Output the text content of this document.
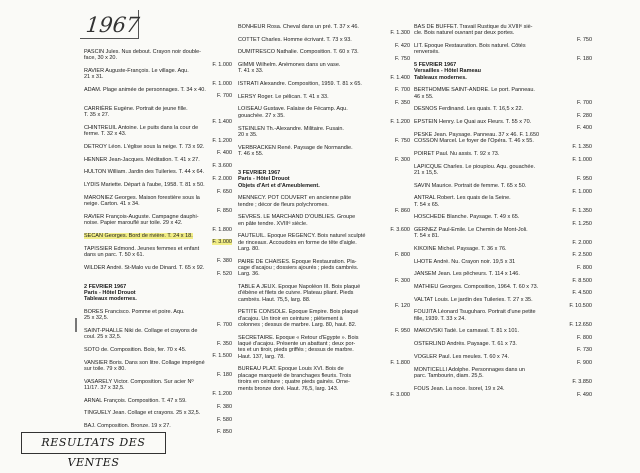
1967
PASCIN Jules. Nus debout. Crayon noir double-
face, 30 x 20.
F. 1.000
RAVIER Auguste-François. Le village. Aqu.
21 x 31.
F. 1.000
ADAM. Plage animée de personnages. T. 34 x 40.
F. 700
CARRIÈRE Eugène. Portrait de jeune fille.
T. 35 x 27.
F. 1.400
CHINTREUIL Antoine. Le puits dans la cour de
ferme. T. 32 x 43.
F. 1.200
DETROY Léon. L'église sous la neige. T. 73 x 92.
F. 400
HENNER Jean-Jacques. Méditation. T. 41 x 27.
F. 3.600
HULTON William. Jardin des Tuileries. T. 44 x 64.
F. 2.000
LYDIS Mariette. Départ à l'aube, 1958. T. 81 x 50.
F. 650
MARONIEZ Georges. Maison forestière sous la
neige. Carton. 41 x 34.
F. 850
RAVIER François-Auguste. Campagne dauphi-
noise. Papier marouflé sur toile. 29 x 42.
F. 1.800
SECAN Georges. Bord de rivière. T. 24 x 18.
F. 3.000
TAPISSIER Edmond. Jeunes femmes et enfant
dans un parc. T. 50 x 61.
F. 380
WILDER André. St-Malo vu de Dinard. T. 65 x 92.
F. 520
2 FEVRIER 1967
Paris - Hôtel Drouot
Tableaux modernes.
BORES Francisco. Pomme et poire. Aqu.
25 x 32,5.
F. 700
SAINT-PHALLE Niki de. Collage et crayons de
coul. 25 x 32,5.
F. 350
SOTO de. Composition. Bois, fer. 70 x 45.
F. 1.500
VANSIER Boris. Dans son litre. Collage imprégné
sur toile. 79 x 80.
F. 180
VASARELY Victor. Composition. Sur acier Nº
11/17. 37 x 32,5.
F. 1.200
ARNAL François. Composition. T. 47 x 59.
F. 380
TINGUELY Jean. Collage et crayons. 25 x 32,5.
F. 580
BAJ. Composition. Bronze. 19 x 27.
F. 850
BONHEUR Rosa. Cheval dans un pré. T. 37 x 46.
F. 1.300
COTTET Charles. Homme écrivant. T. 73 x 93.
F. 420
DUMITRESCO Nathalie. Composition. T. 60 x 73.
F. 750
GIMMI Wilhelm. Anémones dans un vase.
T. 41 x 33.
F. 1.400
ISTRATI Alexandre. Composition, 1959. T. 81 x 65.
F. 700
LERSY Roger. Le pélican. T. 41 x 33.
F. 350
LOISEAU Gustave. Falaise de Fécamp. Aqu.
gouachée. 27 x 35.
F. 1.200
STEINLEN Th.-Alexandre. Militaire. Fusain.
20 x 35.
F. 750
VERBRACKEN René. Paysage de Normandie.
T. 46 x 55.
F. 300
3 FEVRIER 1967
Paris - Hôtel Drouot
Objets d'Art et d'Ameublement.
MENNECY. POT COUVERT en ancienne pâte
tendre ; décor de fleurs polychromes.
F. 860
SEVRES. LE MARCHAND D'OUBLIES. Groupe
en pâte tendre. XVIIIᵉ siècle.
F. 3.600
FAUTEUIL. Epoque REGENCY. Bois naturel sculpté
de rinceaux. Accoudoirs en forme de tête d'aigle.
Larg. 80.
F. 800
PAIRE DE CHAISES. Epoque Restauration. Pla-
cage d'acajou ; dossiers ajourés ; pieds cambrés.
Larg. 36.
F. 300
TABLE A JEUX. Epoque Napoléon III. Bois plaqué
d'ébène et filets de cuivre. Plateau pliant. Pieds
cambrés. Haut. 75,5, larg. 88.
F. 120
PETITE CONSOLE. Epoque Empire. Bois plaqué
d'acajou. Un tiroir en ceinture ; piètement à
colonnes ; dessus de marbre. Larg. 80, haut. 82.
F. 950
SECRETAIRE. Epoque « Retour d'Egypte ». Bois
laqué d'acajou. Présente un abattant ; deux por-
tes et un tiroir, pieds griffés ; dessus de marbre.
Haut. 137, larg. 78.
F. 1.800
BUREAU PLAT. Epoque Louis XVI. Bois de
placage marqueté de branchages fleuris. Trois
tiroirs en ceinture ; quatre pieds gainés. Orne-
ments bronze doré. Haut. 76,5, larg. 143.
F. 3.000
BAS DE BUFFET. Travail Rustique du XVIIIᵉ siè-
cle. Bois naturel ouvrant par deux portes.
F. 750
LIT. Epoque Restauration. Bois naturel. Côtés
renversés.
F. 180
5 FEVRIER 1967
Versailles - Hôtel Rameau
Tableaux modernes.
BERTHOMME SAINT-ANDRE. Le port. Panneau.
46 x 55.
F. 700
DESNOS Ferdinand. Les quais. T. 16,5 x 22.
F. 280
EPSTEIN Henry. Le Quai aux Fleurs. T. 55 x 70.
F. 400
PESKE Jean. Paysage. Panneau. 37 x 46. F. 1.650
COSSON Marcel. Le foyer de l'Opéra. T. 46 x 55.
F. 1.350
POIRET Paul. Nu assis. T. 92 x 73.
F. 1.000
LAPICQUE Charles. Le pioupiou. Aqu. gouachée.
21 x 15,5.
F. 950
SAVIN Maurice. Portrait de femme. T. 65 x 50.
F. 1.000
ANTRAL Robert. Les quais de la Seine.
T. 54 x 65.
F. 1.350
HOSCHEDE Blanche. Paysage. T. 49 x 65.
F. 1.250
GERNEZ Paul-Emile. Le Chemin de Mont-Joli.
T. 54 x 81.
F. 2.000
KIKOINE Michel. Paysage. T. 36 x 76.
F. 2.500
LHOTE André. Nu. Crayon noir. 19,5 x 31
F. 800
JANSEM Jean. Les pêcheurs. T. 114 x 146.
F. 8.500
MATHIEU Georges. Composition, 1964. T. 60 x 73.
F. 4.500
VALTAT Louis. Le jardin des Tuileries. T. 27 x 35.
F. 10.500
FOUJITA Léonard Tsuguharo. Portrait d'une petite
fille, 1939. T. 33 x 24.
F. 12.650
MAKOVSKI Tadé. Le carnaval. T. 81 x 101.
F. 800
OSTERLIND Andrès. Paysage. T. 61 x 73.
F. 730
VOGLER Paul. Les meules. T. 60 x 74.
F. 900
MONTICELLI Adolphe. Personnages dans un
parc. Tambourin, diam. 25,5.
F. 3.850
FOUS Jean. La noce. Isorel, 19 x 24.
F. 490
RESULTATS DES VENTES
